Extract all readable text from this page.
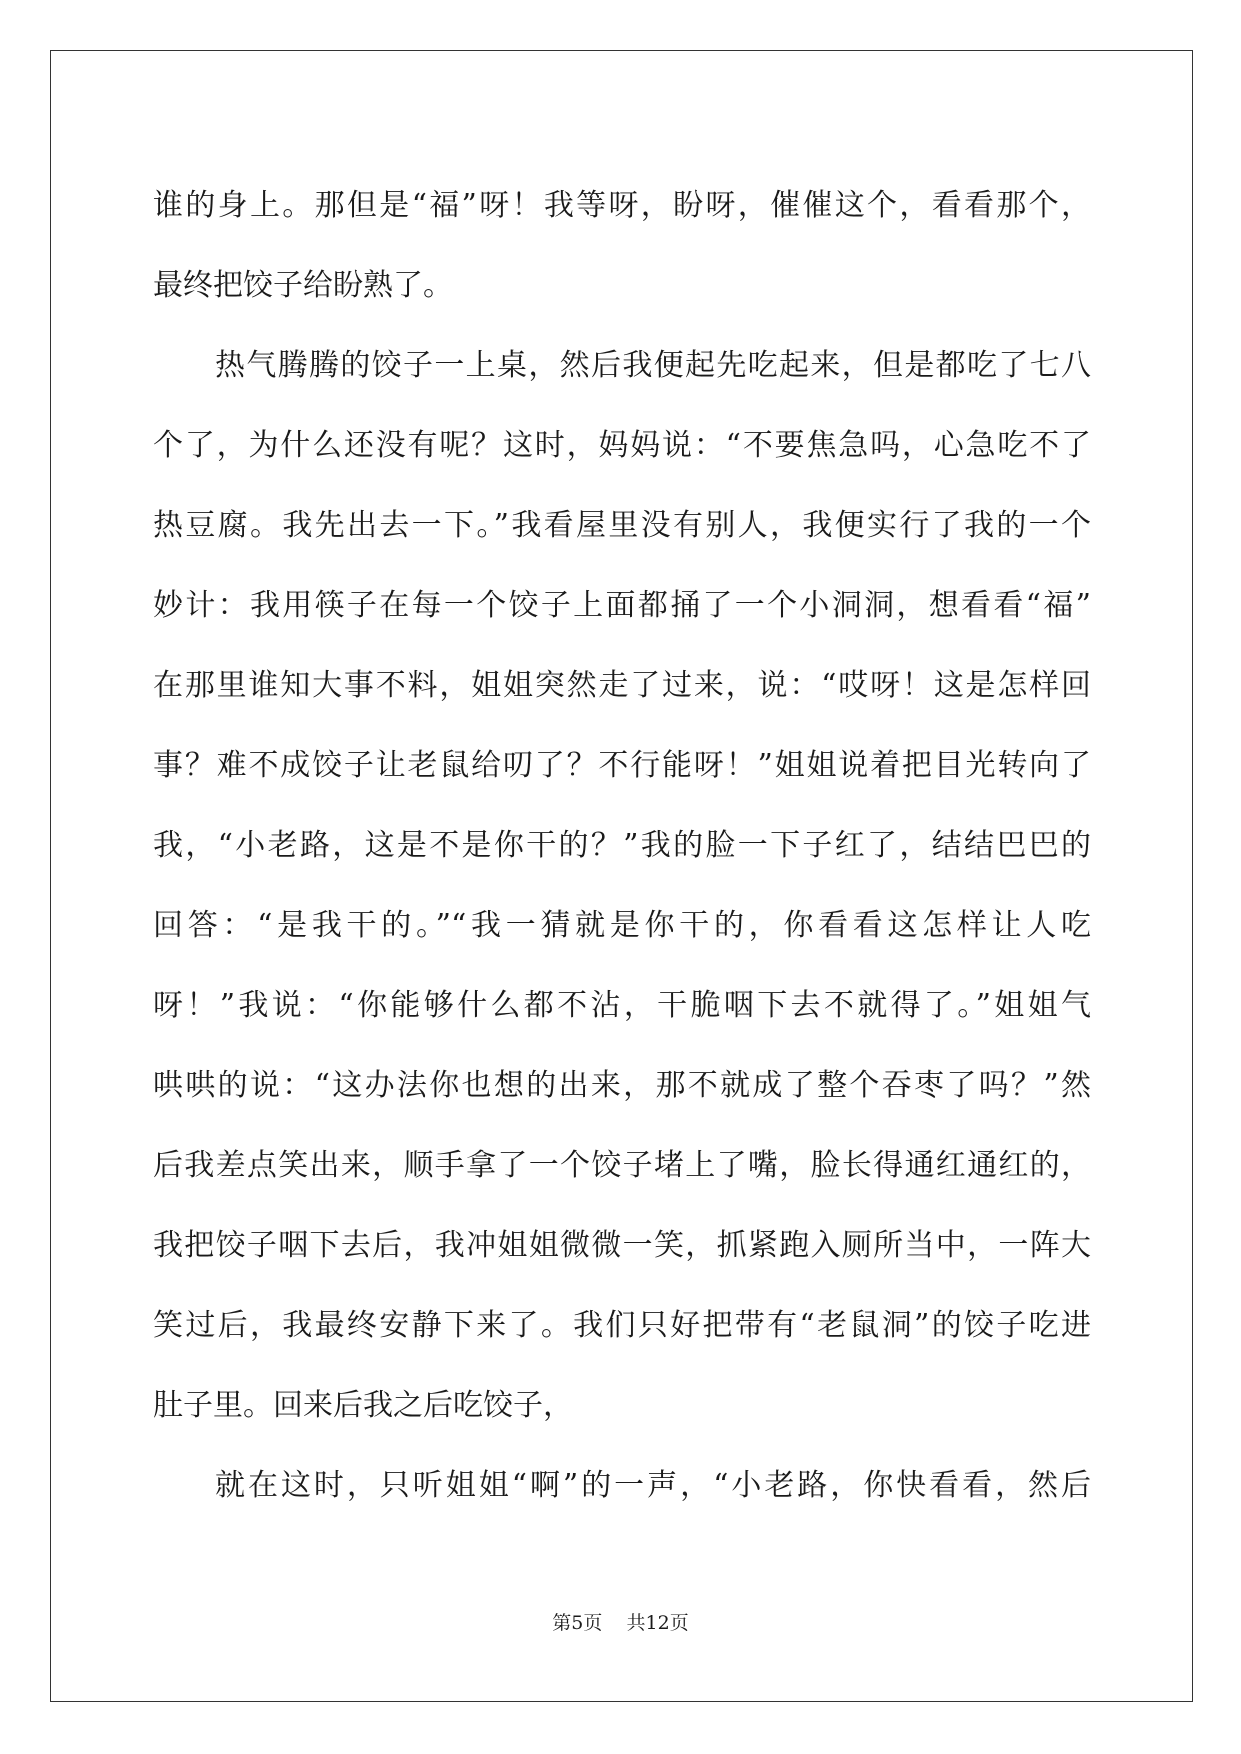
谁的身上。那但是“福”呀！我等呀，盼呀，催催这个，看看那个，
最终把饺子给盼熟了。
热气腾腾的饺子一上桌，然后我便起先吃起来，但是都吃了七八
个了，为什么还没有呢？这时，妈妈说：“不要焦急吗，心急吃不了
热豆腐。我先出去一下。”我看屋里没有别人，我便实行了我的一个
妙计：我用筷子在每一个饺子上面都捅了一个小洞洞，想看看“福”
在那里谁知大事不料，姐姐突然走了过来，说：“哎呀！这是怎样回
事？难不成饺子让老鼠给叨了？不行能呀！”姐姐说着把目光转向了
我，“小老路，这是不是你干的？”我的脸一下子红了，结结巴巴的
回答：“是我干的。”“我一猜就是你干的，你看看这怎样让人吃
呀！”我说：“你能够什么都不沾，干脆咽下去不就得了。”姐姐气
哄哄的说：“这办法你也想的出来，那不就成了整个吞枣了吗？”然
后我差点笑出来，顺手拿了一个饺子堵上了嘴，脸长得通红通红的，
我把饺子咽下去后，我冲姐姐微微一笑，抓紧跑入厕所当中，一阵大
笑过后，我最终安静下来了。我们只好把带有“老鼠洞”的饺子吃进
肚子里。回来后我之后吃饺子，
就在这时，只听姐姐“啊”的一声，“小老路，你快看看，然后
第5页 共12页
